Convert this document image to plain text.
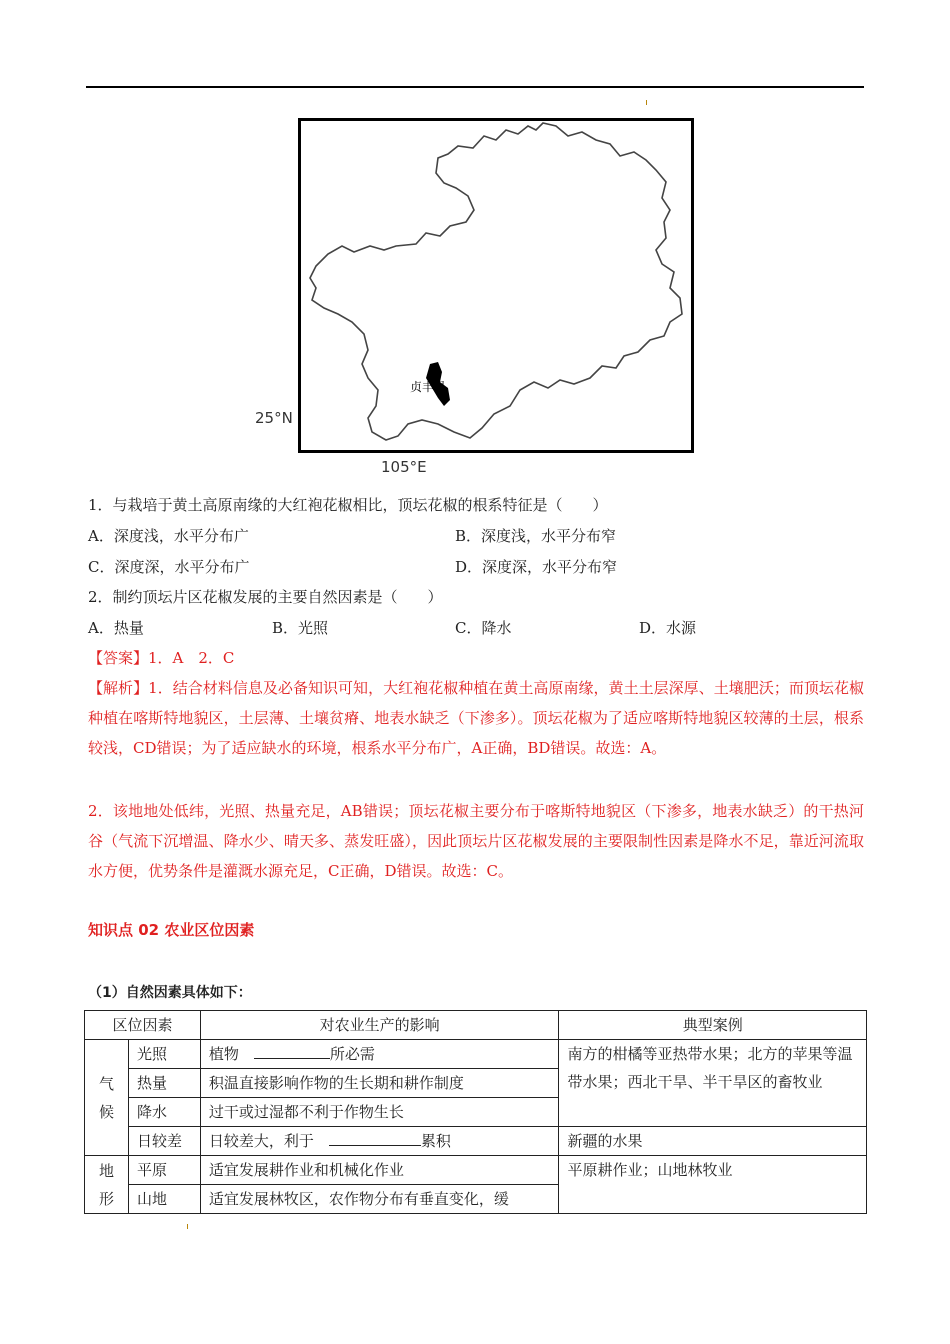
贞丰县
25°N
105°E
1．与栽培于黄土高原南缘的大红袍花椒相比，顶坛花椒的根系特征是（　　）
A．深度浅，水平分布广	B．深度浅，水平分布窄
C．深度深，水平分布广	D．深度深，水平分布窄
2．制约顶坛片区花椒发展的主要自然因素是（　　）
A．热量	B．光照	C．降水	D．水源
【答案】1．A　2．C
【解析】1．结合材料信息及必备知识可知，大红袍花椒种植在黄土高原南缘，黄土土层深厚、土壤肥沃；而顶坛花椒种植在喀斯特地貌区，土层薄、土壤贫瘠、地表水缺乏（下渗多）。顶坛花椒为了适应喀斯特地貌区较薄的土层，根系较浅，CD错误；为了适应缺水的环境，根系水平分布广，A正确，BD错误。故选：A。
2．该地地处低纬，光照、热量充足，AB错误；顶坛花椒主要分布于喀斯特地貌区（下渗多，地表水缺乏）的干热河谷（气流下沉增温、降水少、晴天多、蒸发旺盛），因此顶坛片区花椒发展的主要限制性因素是降水不足，靠近河流取水方便，优势条件是灌溉水源充足，C正确，D错误。故选：C。
知识点 02 农业区位因素
（1）自然因素具体如下：
区位因素		对农业生产的影响	典型案例
气候	光照	植物　 所必需	南方的柑橘等亚热带水果；北方的苹果等温带水果；西北干旱、半干旱区的畜牧业
	热量	积温直接影响作物的生长期和耕作制度	
	降水	过干或过湿都不利于作物生长	
	日较差	日较差大，利于　 累积	新疆的水果
地形	平原	适宜发展耕作业和机械化作业	平原耕作业；山地林牧业
	山地	适宜发展林牧区，农作物分布有垂直变化，缓	
